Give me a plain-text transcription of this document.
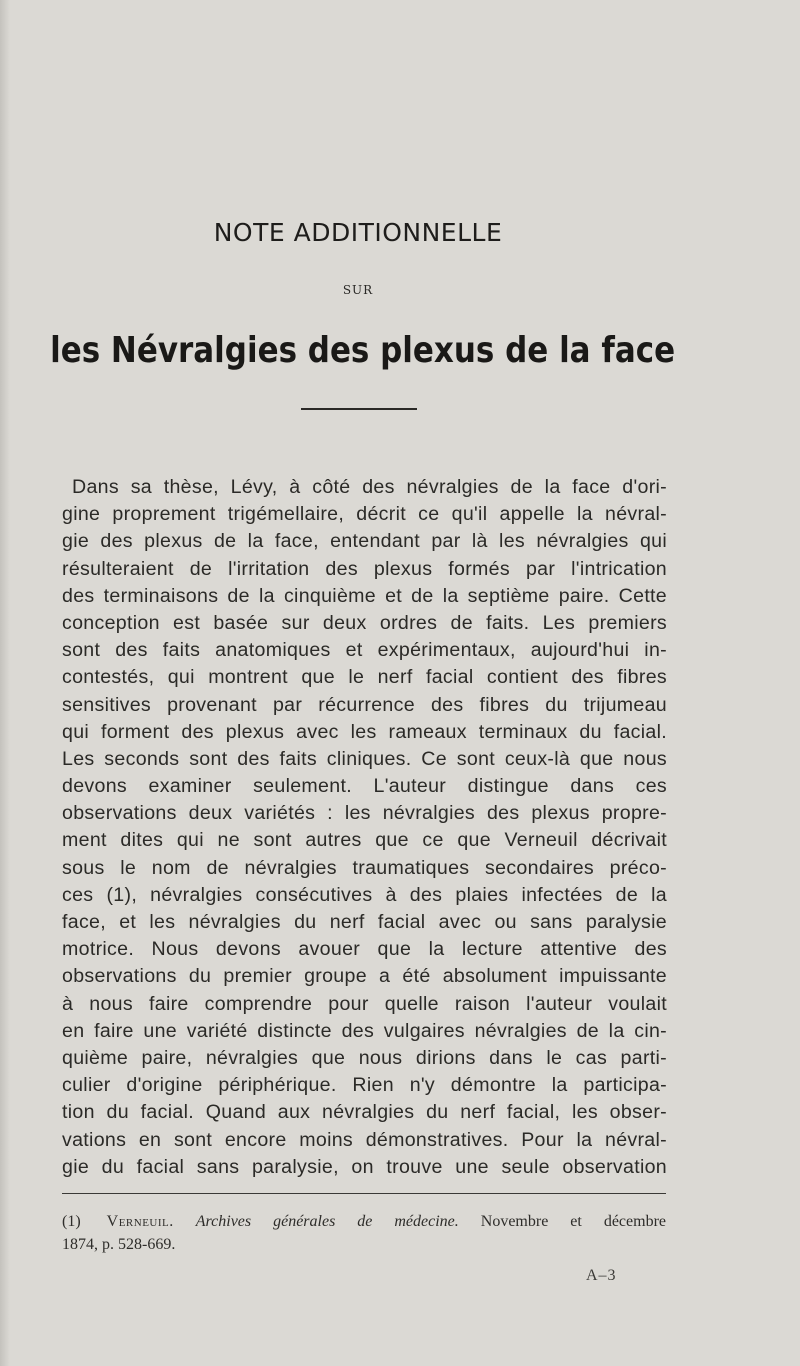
NOTE ADDITIONNELLE
SUR
les Névralgies des plexus de la face
Dans sa thèse, Lévy, à côté des névralgies de la face d'ori-
gine proprement trigémellaire, décrit ce qu'il appelle la névral-
gie des plexus de la face, entendant par là les névralgies qui
résulteraient de l'irritation des plexus formés par l'intrication
des terminaisons de la cinquième et de la septième paire. Cette
conception est basée sur deux ordres de faits. Les premiers
sont des faits anatomiques et expérimentaux, aujourd'hui in-
contestés, qui montrent que le nerf facial contient des fibres
sensitives provenant par récurrence des fibres du trijumeau
qui forment des plexus avec les rameaux terminaux du facial.
Les seconds sont des faits cliniques. Ce sont ceux-là que nous
devons examiner seulement. L'auteur distingue dans ces
observations deux variétés : les névralgies des plexus propre-
ment dites qui ne sont autres que ce que Verneuil décrivait
sous le nom de névralgies traumatiques secondaires préco-
ces (1), névralgies consécutives à des plaies infectées de la
face, et les névralgies du nerf facial avec ou sans paralysie
motrice. Nous devons avouer que la lecture attentive des
observations du premier groupe a été absolument impuissante
à nous faire comprendre pour quelle raison l'auteur voulait
en faire une variété distincte des vulgaires névralgies de la cin-
quième paire, névralgies que nous dirions dans le cas parti-
culier d'origine périphérique. Rien n'y démontre la participa-
tion du facial. Quand aux névralgies du nerf facial, les obser-
vations en sont encore moins démonstratives. Pour la névral-
gie du facial sans paralysie, on trouve une seule observation
(1) Verneuil. Archives générales de médecine. Novembre et décembre
1874, p. 528-669.
A–3
